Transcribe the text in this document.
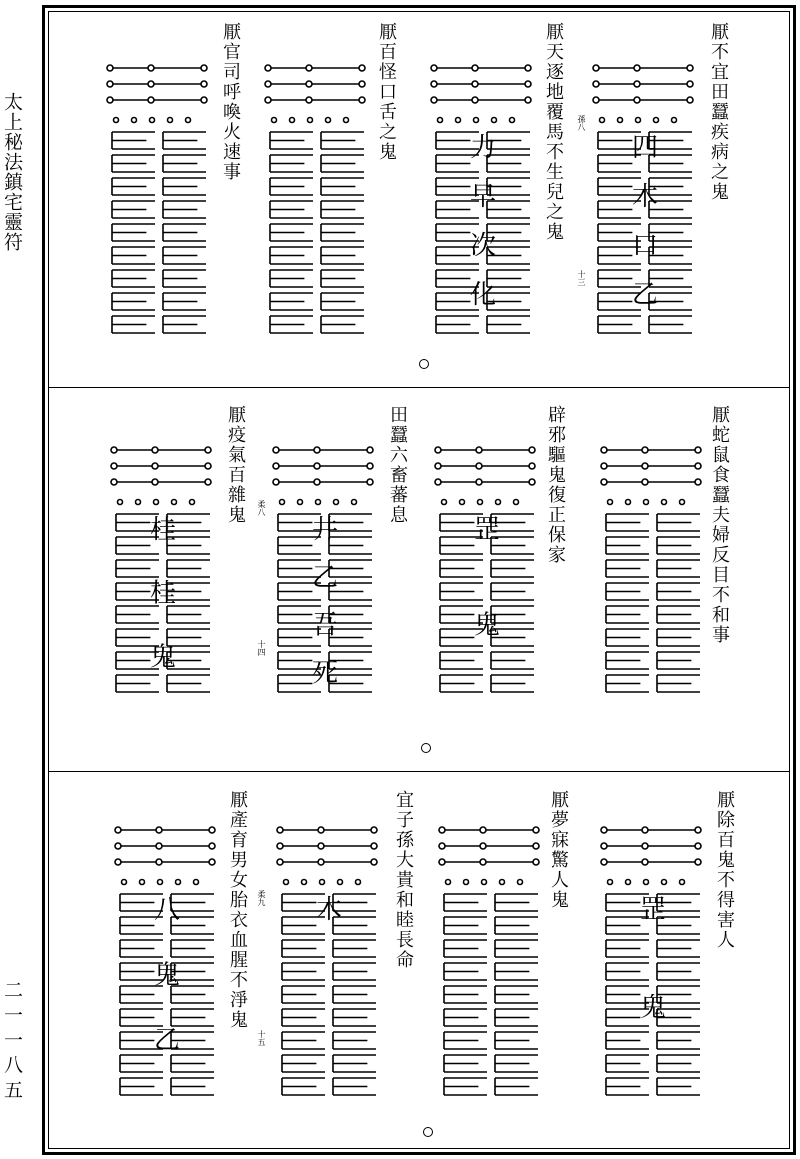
太上秘法鎮宅靈符
二一一八五
厭不宜田蠶疾病之鬼
厭天逐地覆馬不生兒之鬼
厭百怪口舌之鬼
厭官司呼喚火速事
厭蛇鼠食蠶夫婦反目不和事
辟邪驅鬼復正保家
田蠶六畜蕃息
厭疫氣百雜鬼
厭除百鬼不得害人
厭夢寐驚人鬼
宜子孫大貴和睦長命
厭產育男女胎衣血腥不淨鬼
孫八
十三
柔八
十四
柔九
十五
四
木
口
乙
力
早
次
化
罡
鬼
井
乙
吾
死
桂
桂
鬼
罡
鬼
木
八
鬼
乙
